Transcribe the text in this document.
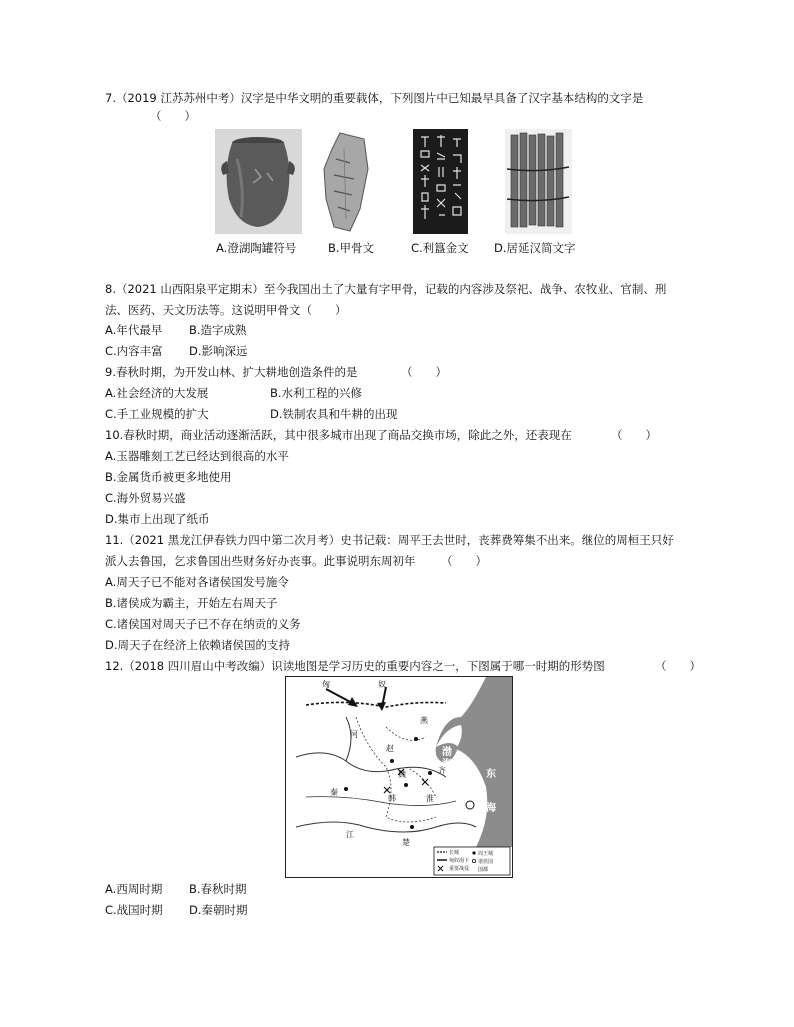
7.（2019 江苏苏州中考）汉字是中华文明的重要载体，下列图片中已知最早具备了汉字基本结构的文字是
（　　）
A.澄湖陶罐符号	B.甲骨文	C.利簋金文 D.居延汉简文字
8.（2021 山西阳泉平定期末）至今我国出土了大量有字甲骨，记载的内容涉及祭祀、战争、农牧业、官制、刑
法、医药、天文历法等。这说明甲骨文（　　）
A.年代最早 B.造字成熟
C.内容丰富 D.影响深远
9.春秋时期，为开发山林、扩大耕地创造条件的是	（　　）
A.社会经济的大发展	B.水利工程的兴修
C.手工业规模的扩大	D.铁制农具和牛耕的出现
10.春秋时期，商业活动逐渐活跃，其中很多城市出现了商品交换市场，除此之外，还表现在	（　　）
A.玉器雕刻工艺已经达到很高的水平
B.金属货币被更多地使用
C.海外贸易兴盛
D.集市上出现了纸币
11.（2021 黑龙江伊春铁力四中第二次月考）史书记载：周平王去世时，丧葬费筹集不出来。继位的周桓王只好
派人去鲁国，乞求鲁国出些财务好办丧事。此事说明东周初年 （　　）
A.周天子已不能对各诸侯国发号施令
B.诸侯成为霸主，开始左右周天子
C.诸侯国对周天子已不存在纳贡的义务
D.周天子在经济上依赖诸侯国的支持
12.（2018 四川眉山中考改编）识读地图是学习历史的重要内容之一，下图属于哪一时期的形势图	（　　）
匈	奴
燕
赵
魏
韩
秦
楚
齐
江
淮
河
渤
海
东
海
长城
匈奴南下
重要战役
周王城
诸侯国
国都
A.西周时期 B.春秋时期
C.战国时期 D.秦朝时期
